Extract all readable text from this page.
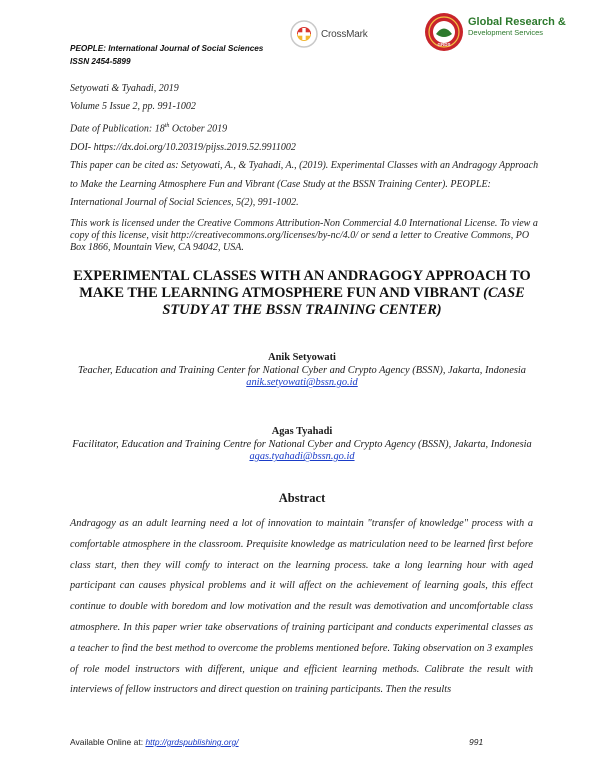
PEOPLE: International Journal of Social Sciences
ISSN 2454-5899
CrossMark
GRDS
Global Research &
Development Services
Setyowati & Tyahadi, 2019
Volume 5 Issue 2, pp. 991-1002
Date of Publication: 18th October 2019
DOI- https://dx.doi.org/10.20319/pijss.2019.52.9911002
This paper can be cited as: Setyowati, A., & Tyahadi, A., (2019). Experimental Classes with an Andragogy Approach to Make the Learning Atmosphere Fun and Vibrant (Case Study at the BSSN Training Center). PEOPLE: International Journal of Social Sciences, 5(2), 991-1002.
This work is licensed under the Creative Commons Attribution-Non Commercial 4.0 International License. To view a copy of this license, visit http://creativecommons.org/licenses/by-nc/4.0/ or send a letter to Creative Commons, PO Box 1866, Mountain View, CA 94042, USA.
EXPERIMENTAL CLASSES WITH AN ANDRAGOGY APPROACH TO MAKE THE LEARNING ATMOSPHERE FUN AND VIBRANT (CASE STUDY AT THE BSSN TRAINING CENTER)
Anik Setyowati
Teacher, Education and Training Center for National Cyber and Crypto Agency (BSSN), Jakarta, Indonesia
anik.setyowati@bssn.go.id
Agas Tyahadi
Facilitator, Education and Training Centre for National Cyber and Crypto Agency (BSSN), Jakarta, Indonesia
agas.tyahadi@bssn.go.id
Abstract
Andragogy as an adult learning need a lot of innovation to maintain "transfer of knowledge" process with a comfortable atmosphere in the classroom. Prequisite knowledge as matriculation need to be learned first before class start, then they will comfy to interact on the learning process. take a long learning hour with aged participant can causes physical problems and it will affect on the achievement of learning goals, this effect continue to double with boredom and low motivation and the result was demotivation and uncomfortable class atmosphere. In this paper wrier take observations of training participant and conducts experimental classes as a teacher to find the best method to overcome the problems mentioned before. Taking observation on 3 examples of role model instructors with different, unique and efficient learning methods. Calibrate the result with interviews of fellow instructors and direct question on training participants. Then the results
Available Online at: http://grdspublishing.org/	991
